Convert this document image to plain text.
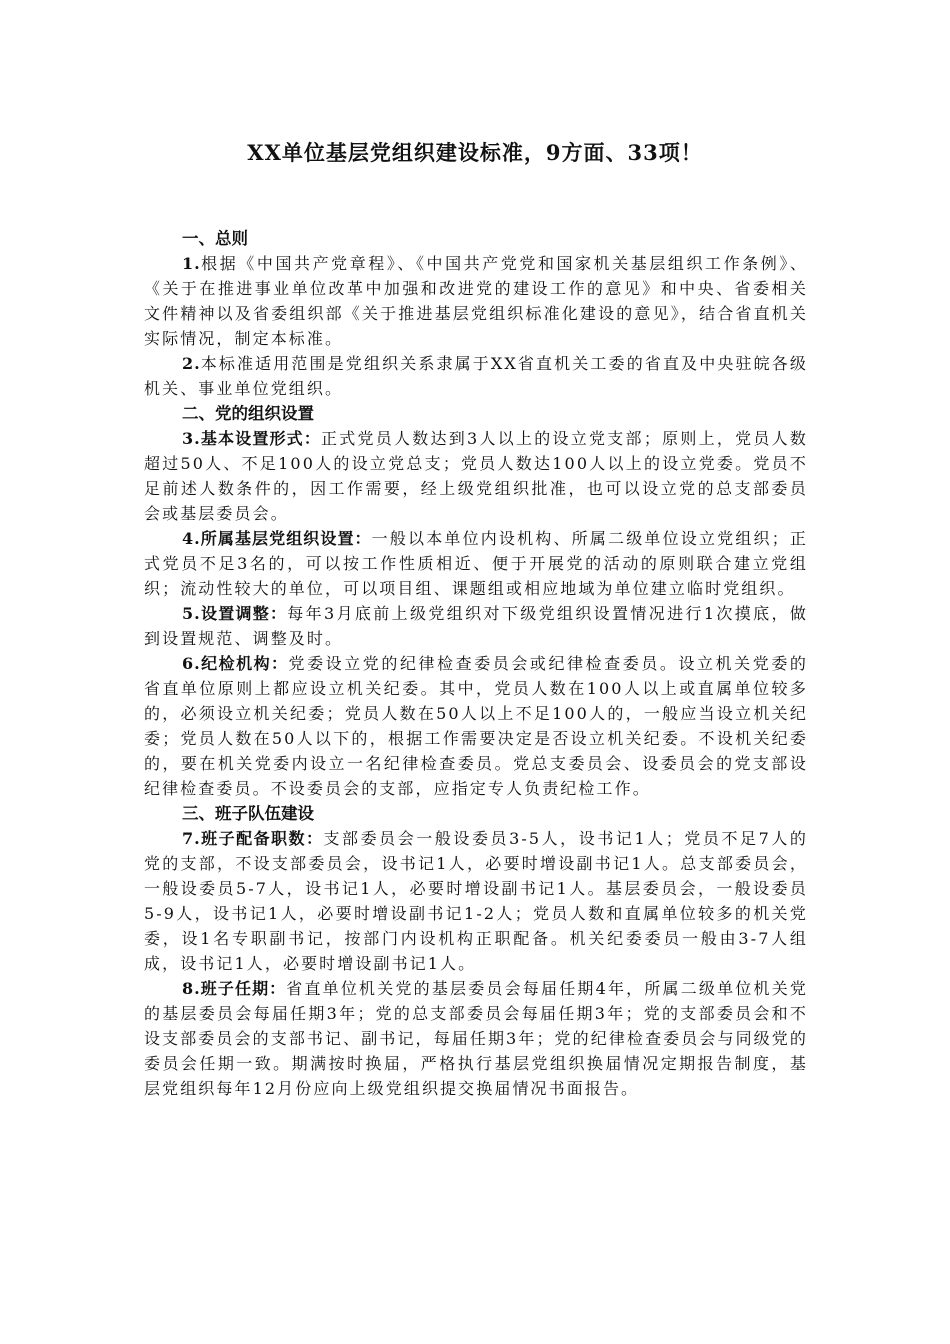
XX单位基层党组织建设标准，9方面、33项！
一、总则

1.根据《中国共产党章程》、《中国共产党党和国家机关基层组织工作条例》、《关于在推进事业单位改革中加强和改进党的建设工作的意见》和中央、省委相关文件精神以及省委组织部《关于推进基层党组织标准化建设的意见》，结合省直机关实际情况，制定本标准。

2.本标准适用范围是党组织关系隶属于XX省直机关工委的省直及中央驻皖各级机关、事业单位党组织。

二、党的组织设置

3.基本设置形式：正式党员人数达到3人以上的设立党支部；原则上，党员人数超过50人、不足100人的设立党总支；党员人数达100人以上的设立党委。党员不足前述人数条件的，因工作需要，经上级党组织批准，也可以设立党的总支部委员会或基层委员会。

4.所属基层党组织设置：一般以本单位内设机构、所属二级单位设立党组织；正式党员不足3名的，可以按工作性质相近、便于开展党的活动的原则联合建立党组织；流动性较大的单位，可以项目组、课题组或相应地域为单位建立临时党组织。

5.设置调整：每年3月底前上级党组织对下级党组织设置情况进行1次摸底，做到设置规范、调整及时。

6.纪检机构：党委设立党的纪律检查委员会或纪律检查委员。设立机关党委的省直单位原则上都应设立机关纪委。其中，党员人数在100人以上或直属单位较多的，必须设立机关纪委；党员人数在50人以上不足100人的，一般应当设立机关纪委；党员人数在50人以下的，根据工作需要决定是否设立机关纪委。不设机关纪委的，要在机关党委内设立一名纪律检查委员。党总支委员会、设委员会的党支部设纪律检查委员。不设委员会的支部，应指定专人负责纪检工作。

三、班子队伍建设

7.班子配备职数：支部委员会一般设委员3-5人，设书记1人；党员不足7人的党的支部，不设支部委员会，设书记1人，必要时增设副书记1人。总支部委员会，一般设委员5-7人，设书记1人，必要时增设副书记1人。基层委员会，一般设委员5-9人，设书记1人，必要时增设副书记1-2人；党员人数和直属单位较多的机关党委，设1名专职副书记，按部门内设机构正职配备。机关纪委委员一般由3-7人组成，设书记1人，必要时增设副书记1人。

8.班子任期：省直单位机关党的基层委员会每届任期4年，所属二级单位机关党的基层委员会每届任期3年；党的总支部委员会每届任期3年；党的支部委员会和不设支部委员会的支部书记、副书记，每届任期3年；党的纪律检查委员会与同级党的委员会任期一致。期满按时换届，严格执行基层党组织换届情况定期报告制度，基层党组织每年12月份应向上级党组织提交换届情况书面报告。
